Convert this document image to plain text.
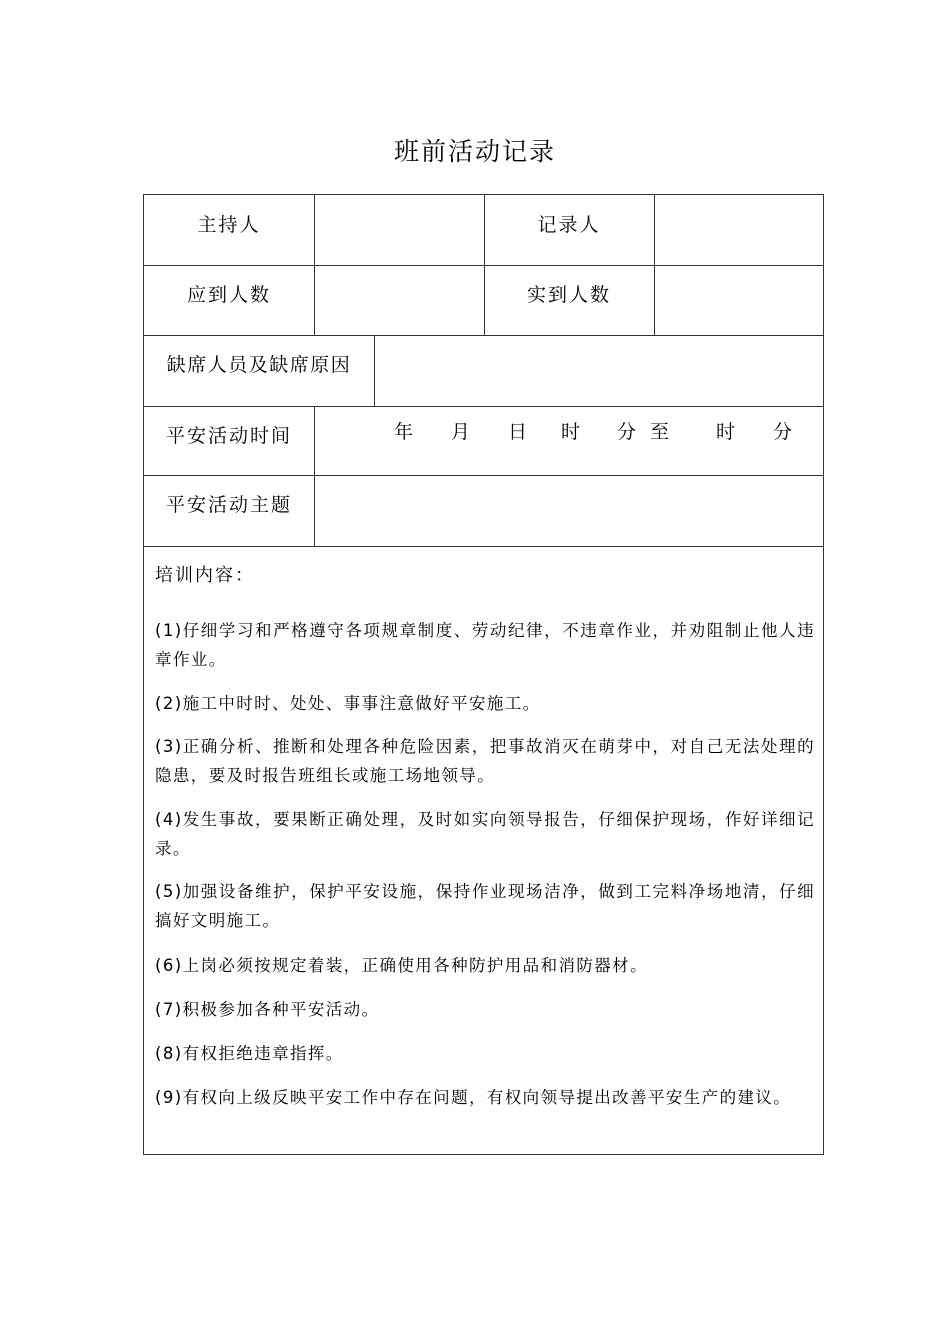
班前活动记录
主持人	记录人
应到人数	实到人数
缺席人员及缺席原因
平安活动时间	年 月 日 时 分 至 时 分
平安活动主题
培训内容：
(1)仔细学习和严格遵守各项规章制度、劳动纪律，不违章作业，并劝阻制止他人违章作业。
(2)施工中时时、处处、事事注意做好平安施工。
(3)正确分析、推断和处理各种危险因素，把事故消灭在萌芽中，对自己无法处理的隐患，要及时报告班组长或施工场地领导。
(4)发生事故，要果断正确处理，及时如实向领导报告，仔细保护现场，作好详细记录。
(5)加强设备维护，保护平安设施，保持作业现场洁净，做到工完料净场地清，仔细搞好文明施工。
(6)上岗必须按规定着装，正确使用各种防护用品和消防器材。
(7)积极参加各种平安活动。
(8)有权拒绝违章指挥。
(9)有权向上级反映平安工作中存在问题，有权向领导提出改善平安生产的建议。
